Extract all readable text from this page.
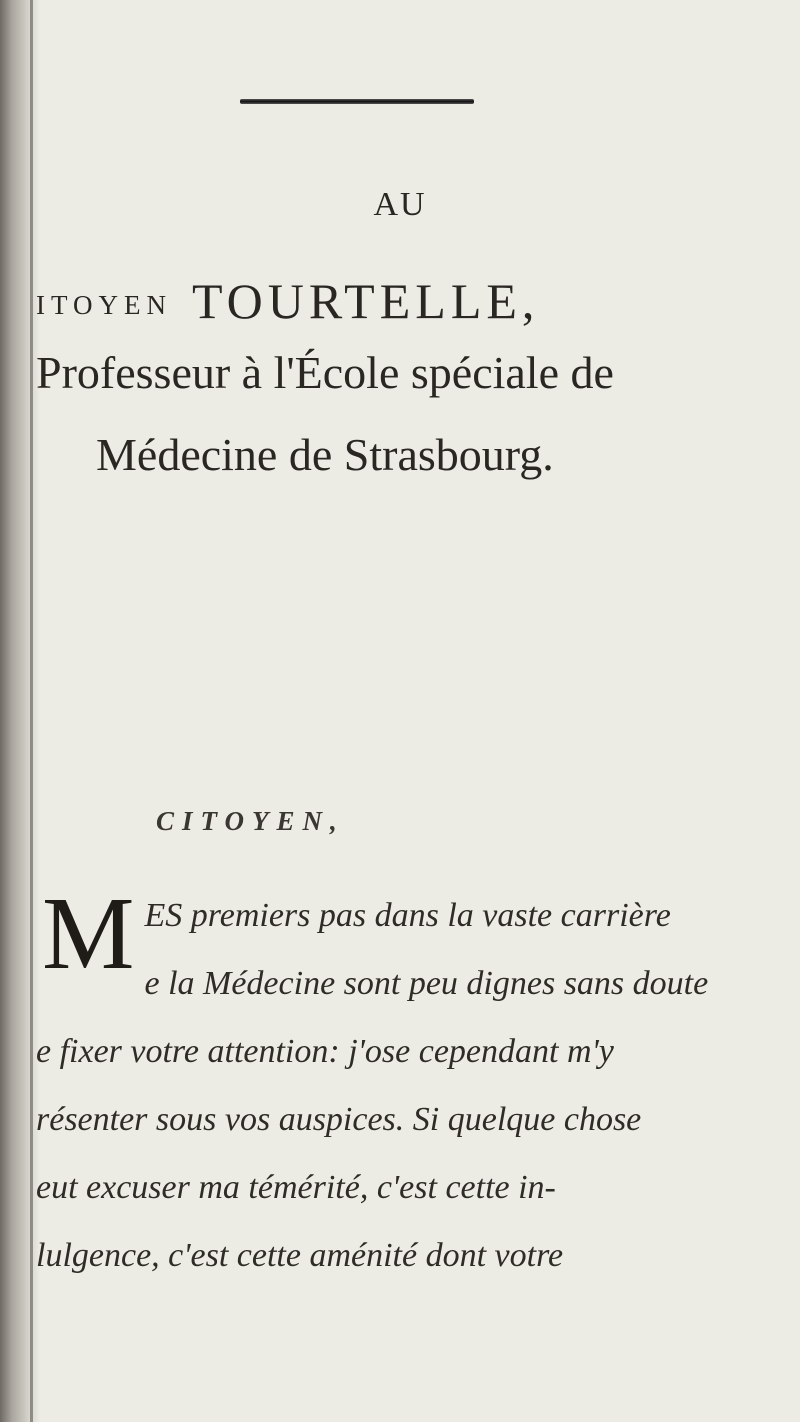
AU
ITOYEN TOURTELLE,
Professeur à l'École spéciale de
Médecine de Strasbourg.
CITOYEN,
M ES premiers pas dans la vaste carrière
e la Médecine sont peu dignes sans doute
e fixer votre attention: j'ose cependant m'y
résenter sous vos auspices. Si quelque chose
eut excuser ma témérité, c'est cette in-
lulgence, c'est cette aménité dont votre
